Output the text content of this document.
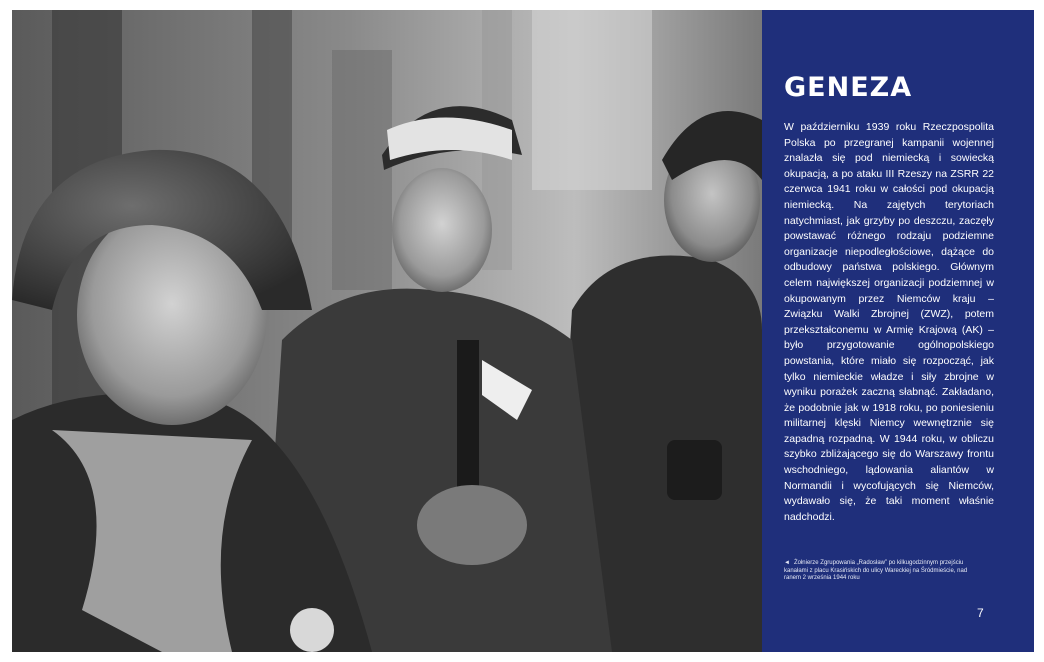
GENEZA

W październiku 1939 roku Rzeczpospolita Polska po przegranej kampanii wojennej znalazła się pod niemiecką i sowiecką okupacją, a po ataku III Rzeszy na ZSRR 22 czerwca 1941 roku w całości pod okupacją niemiecką. Na zajętych terytoriach natychmiast, jak grzyby po deszczu, zaczęły powstawać różnego rodzaju podziemne organizacje niepodległościowe, dążące do odbudowy państwa polskiego. Głównym celem największej organizacji podziemnej w okupowanym przez Niemców kraju – Związku Walki Zbrojnej (ZWZ), potem przekształconemu w Armię Krajową (AK) – było przygotowanie ogólnopolskiego powstania, które miało się rozpocząć, jak tylko niemieckie władze i siły zbrojne w wyniku porażek zaczną słabnąć. Zakładano, że podobnie jak w 1918 roku, po poniesieniu militarnej klęski Niemcy wewnętrznie się zapadną rozpadną. W 1944 roku, w obliczu szybko zbliżającego się do Warszawy frontu wschodniego, lądowania aliantów w Normandii i wycofujących się Niemców, wydawało się, że taki moment właśnie nadchodzi.

◄ Żołnierze Zgrupowania „Radosław” po kilkugodzinnym przejściu kanałami z placu Krasińskich do ulicy Wareckiej na Śródmieście, nad ranem 2 września 1944 roku

7
